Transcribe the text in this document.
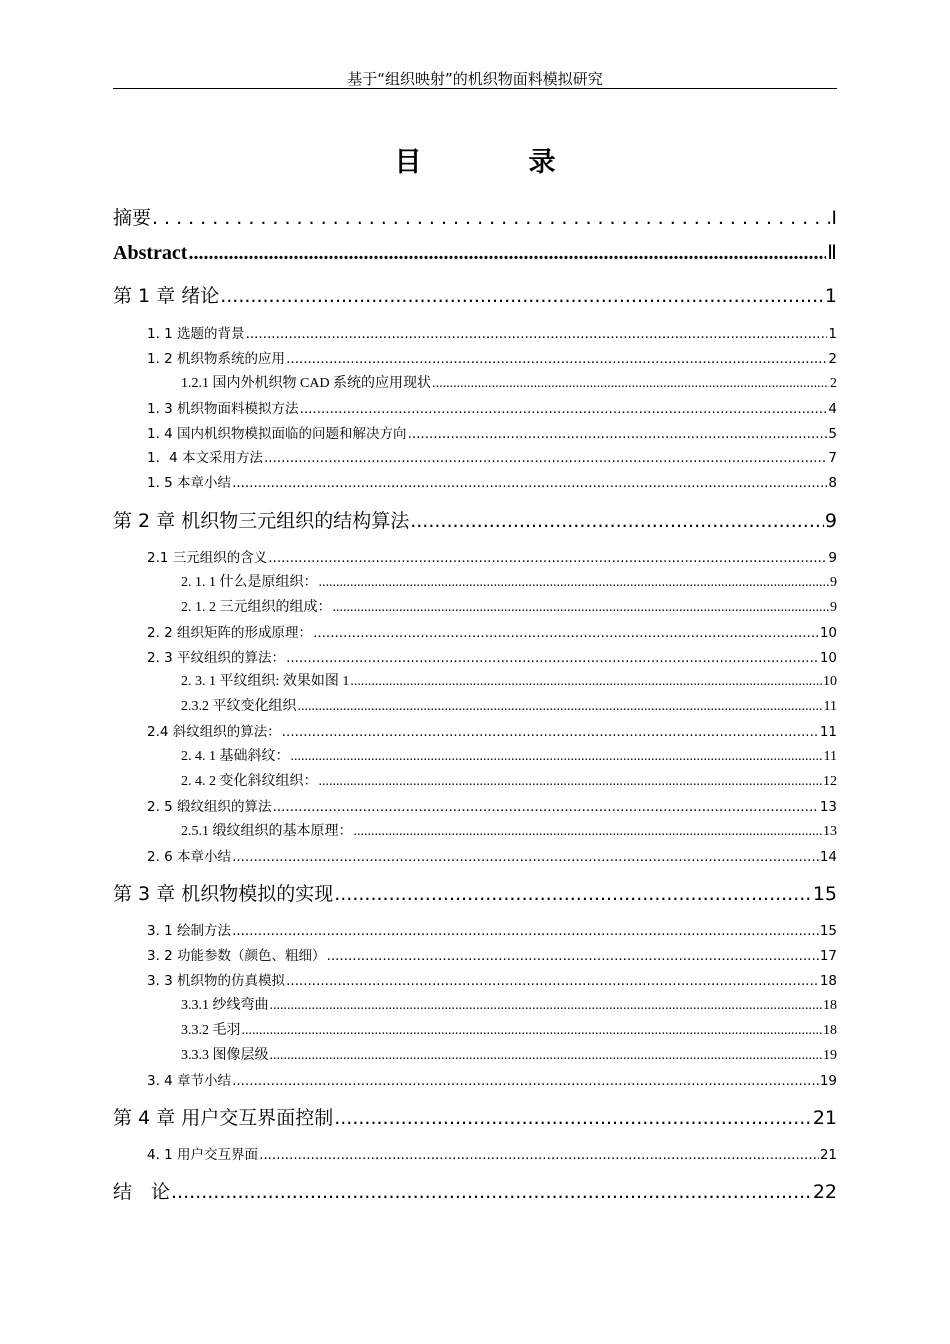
基于“组织映射”的机织物面料模拟研究
目　录
摘要 .....	Ⅰ
Abstract .....	Ⅱ
第 1 章 绪论 .....	1
1. 1 选题的背景 .....	1
1. 2 机织物系统的应用 .....	2
1.2.1 国内外机织物 CAD 系统的应用现状 .....	2
1. 3 机织物面料模拟方法 .....	4
1. 4 国内机织物模拟面临的问题和解决方向 .....	5
1．4 本文采用方法 .....	7
1. 5 本章小结 .....	8
第 2 章 机织物三元组织的结构算法 .....	9
2.1 三元组织的含义 .....	9
2. 1. 1 什么是原组织： .....	9
2. 1. 2 三元组织的组成： .....	9
2. 2 组织矩阵的形成原理： .....	10
2. 3 平纹组织的算法： .....	10
2. 3. 1 平纹组织: 效果如图 1 .....	10
2.3.2 平纹变化组织 .....	11
2.4 斜纹组织的算法： .....	11
2. 4. 1 基础斜纹： .....	11
2. 4. 2 变化斜纹组织： .....	12
2. 5 缎纹组织的算法 .....	13
2.5.1 缎纹组织的基本原理： .....	13
2. 6 本章小结 .....	14
第 3 章 机织物模拟的实现 .....	15
3. 1 绘制方法 .....	15
3. 2 功能参数（颜色、粗细） .....	17
3. 3 机织物的仿真模拟 .....	18
3.3.1 纱线弯曲 .....	18
3.3.2 毛羽 .....	18
3.3.3 图像层级 .....	19
3. 4 章节小结 .....	19
第 4 章 用户交互界面控制 .....	21
4. 1 用户交互界面 .....	21
结　论 .....	22
